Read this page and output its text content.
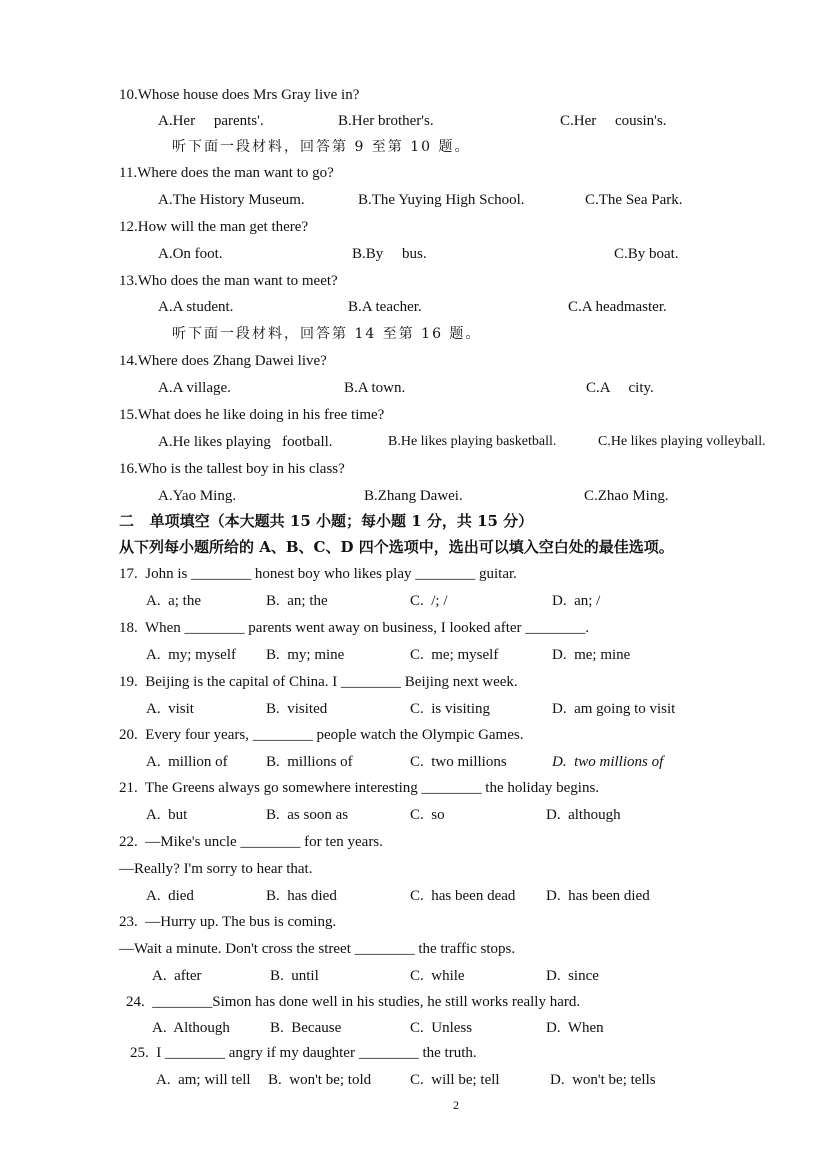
10.Whose house does Mrs Gray live in?
A.Her     parents'.	B.Her brother's.	C.Her     cousin's.
听下面一段材料，回答第 9 至第 10 题。
11.Where does the man want to go?
A.The History Museum.	B.The Yuying High School.	C.The Sea Park.
12.How will the man get there?
A.On foot.	B.By     bus.	C.By boat.
13.Who does the man want to meet?
A.A student.	B.A teacher.	C.A headmaster.
听下面一段材料，回答第 14 至第 16 题。
14.Where does Zhang Dawei live?
A.A village.	B.A town.	C.A     city.
15.What does he like doing in his free time?
A.He likes playing   football.	B.He likes playing basketball.	C.He likes playing volleyball.
16.Who is the tallest boy in his class?
A.Yao Ming.	B.Zhang Dawei.	C.Zhao Ming.
二   单项填空（本大题共 15 小题；每小题 1 分，共 15 分）
从下列每小题所给的 A、B、C、D 四个选项中，选出可以填入空白处的最佳选项。
17.  John is ________ honest boy who likes play ________ guitar.
A.  a; the	B.  an; the	C.  /; /	D.  an; /
18.  When ________ parents went away on business, I looked after ________.
A.  my; myself B.  my; mine	C.  me; myself	D.  me; mine
19.  Beijing is the capital of China. I ________ Beijing next week.
A.  visit	B.  visited	C.  is visiting	D.  am going to visit
20.  Every four years, ________ people watch the Olympic Games.
A.  million of	B.  millions of	C.  two millions	D.  two millions of
21.  The Greens always go somewhere interesting ________ the holiday begins.
A.  but	B.  as soon as	C.  so	D.  although
22.  —Mike's uncle ________ for ten years.
—Really? I'm sorry to hear that.
A.  died	B.  has died	C.  has been dead D.  has been died
23.  —Hurry up. The bus is coming.
—Wait a minute. Don't cross the street ________ the traffic stops.
A.  after	B.  until	C.  while	D.  since
24.  ________Simon has done well in his studies, he still works really hard.
A.  Although	B.  Because	C.  Unless	D.  When
25.  I ________ angry if my daughter ________ the truth.
A.  am; will tell B.  won't be; told	C.  will be; tell	D.  won't be; tells
2
